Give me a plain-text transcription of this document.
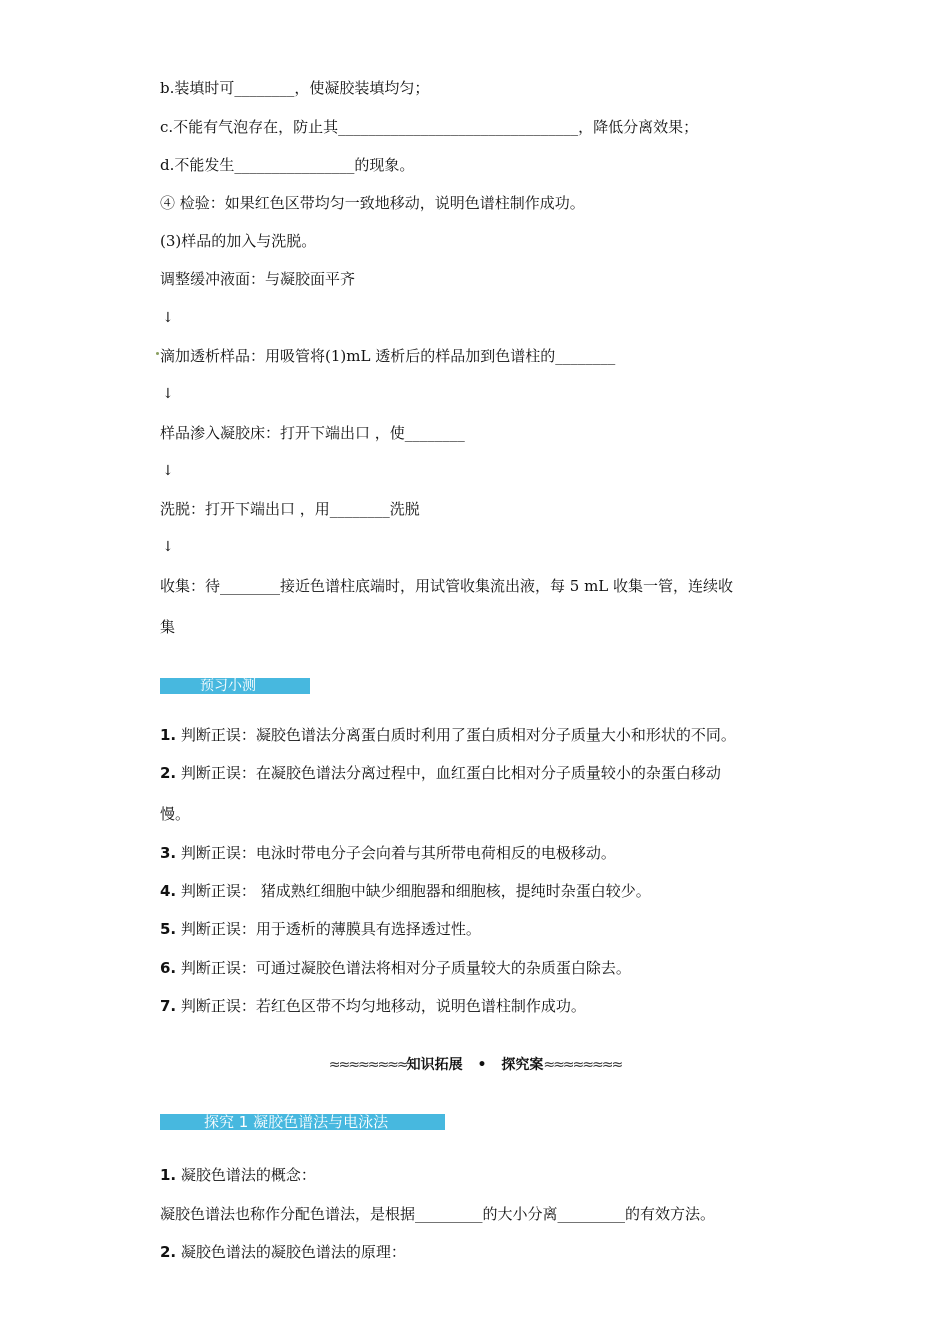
b.装填时可________，使凝胶装填均匀；
c.不能有气泡存在，防止其________________________________，降低分离效果；
d.不能发生________________的现象。
④ 检验：如果红色区带均匀一致地移动，说明色谱柱制作成功。
(3)样品的加入与洗脱。
调整缓冲液面：与凝胶面平齐
↓
滴加透析样品：用吸管将(1)mL 透析后的样品加到色谱柱的________
↓
样品渗入凝胶床：打开下端出口 ，使________
↓
洗脱：打开下端出口 ，用________洗脱
↓
收集：待________接近色谱柱底端时，用试管收集流出液，每 5 mL 收集一管，连续收
集
预习小测
1. 判断正误：凝胶色谱法分离蛋白质时利用了蛋白质相对分子质量大小和形状的不同。
2. 判断正误：在凝胶色谱法分离过程中，血红蛋白比相对分子质量较小的杂蛋白移动
慢。
3. 判断正误：电泳时带电分子会向着与其所带电荷相反的电极移动。
4. 判断正误： 猪成熟红细胞中缺少细胞器和细胞核，提纯时杂蛋白较少。
5. 判断正误：用于透析的薄膜具有选择透过性。
6. 判断正误：可通过凝胶色谱法将相对分子质量较大的杂质蛋白除去。
7. 判断正误：若红色区带不均匀地移动，说明色谱柱制作成功。
≈≈≈≈≈≈≈≈知识拓展 • 探究案≈≈≈≈≈≈≈≈
探究 1 凝胶色谱法与电泳法
1. 凝胶色谱法的概念：
凝胶色谱法也称作分配色谱法，是根据_________的大小分离_________的有效方法。
2. 凝胶色谱法的凝胶色谱法的原理：
